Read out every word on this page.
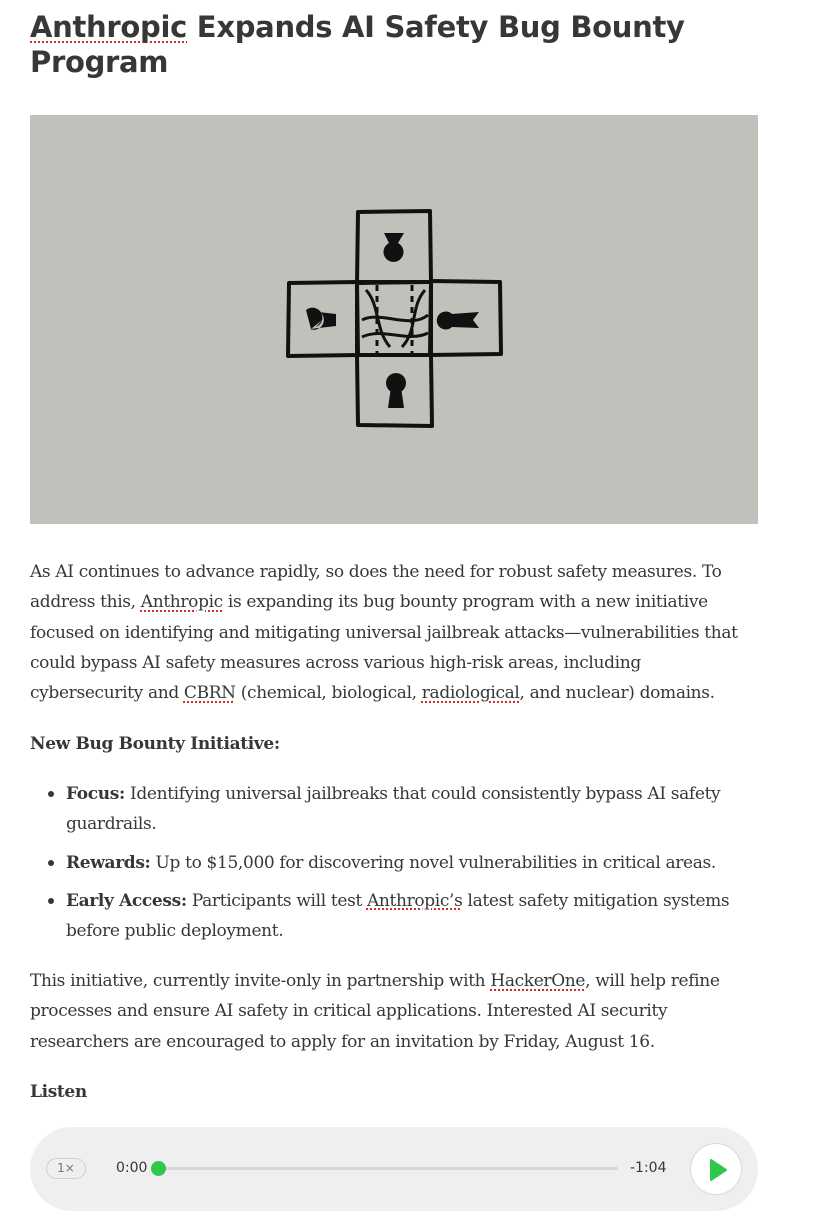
Anthropic Expands AI Safety Bug Bounty Program
As AI continues to advance rapidly, so does the need for robust safety measures. To address this, Anthropic is expanding its bug bounty program with a new initiative focused on identifying and mitigating universal jailbreak attacks—vulnerabilities that could bypass AI safety measures across various high-risk areas, including cybersecurity and CBRN (chemical, biological, radiological, and nuclear) domains.
New Bug Bounty Initiative:
Focus: Identifying universal jailbreaks that could consistently bypass AI safety guardrails.
Rewards: Up to $15,000 for discovering novel vulnerabilities in critical areas.
Early Access: Participants will test Anthropic’s latest safety mitigation systems before public deployment.
This initiative, currently invite-only in partnership with HackerOne, will help refine processes and ensure AI safety in critical applications. Interested AI security researchers are encouraged to apply for an invitation by Friday, August 16.
Listen
1×	0:00	-1:04
